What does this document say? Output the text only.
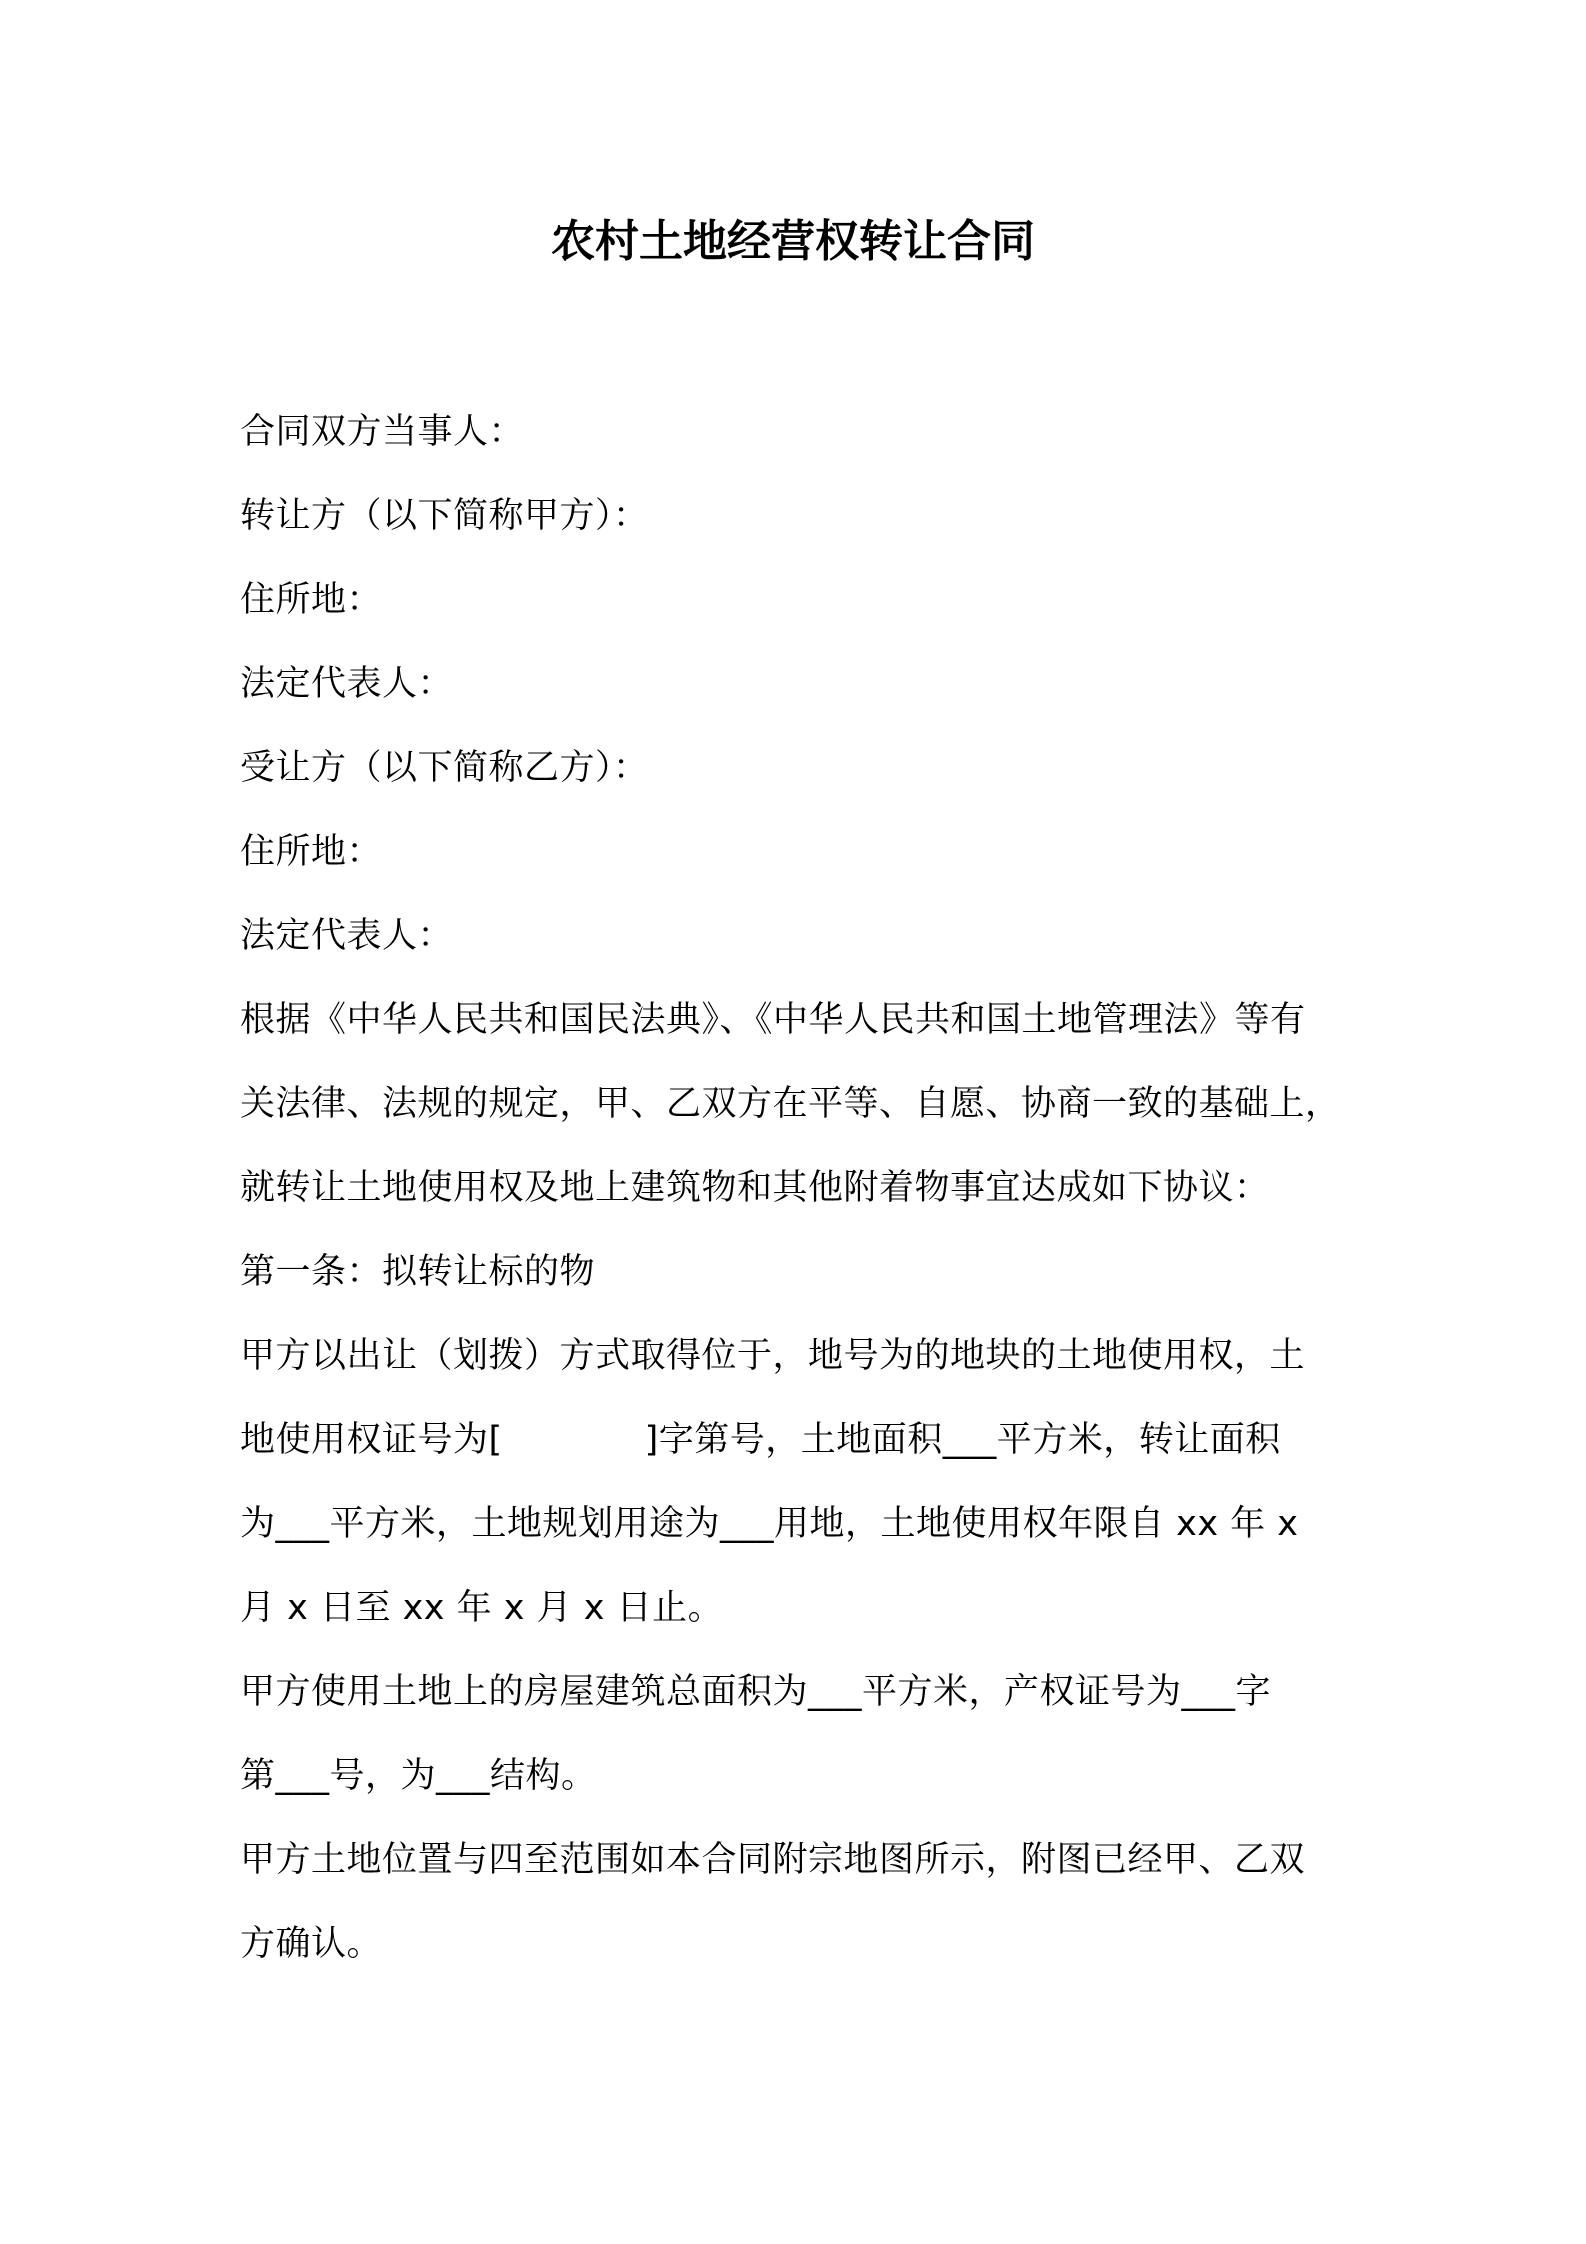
农村土地经营权转让合同
合同双方当事人：
转让方（以下简称甲方）：
住所地：
法定代表人：
受让方（以下简称乙方）：
住所地：
法定代表人：
根据《中华人民共和国民法典》、《中华人民共和国土地管理法》等有
关法律、法规的规定，甲、乙双方在平等、自愿、协商一致的基础上，
就转让土地使用权及地上建筑物和其他附着物事宜达成如下协议：
第一条：拟转让标的物
甲方以出让（划拨）方式取得位于，地号为的地块的土地使用权，土
地使用权证号为[　　　　]字第号，土地面积___平方米，转让面积
为___平方米，土地规划用途为___用地，土地使用权年限自 xx 年 x
月 x 日至 xx 年 x 月 x 日止。
甲方使用土地上的房屋建筑总面积为___平方米，产权证号为___字
第___号，为___结构。
甲方土地位置与四至范围如本合同附宗地图所示，附图已经甲、乙双
方确认。
